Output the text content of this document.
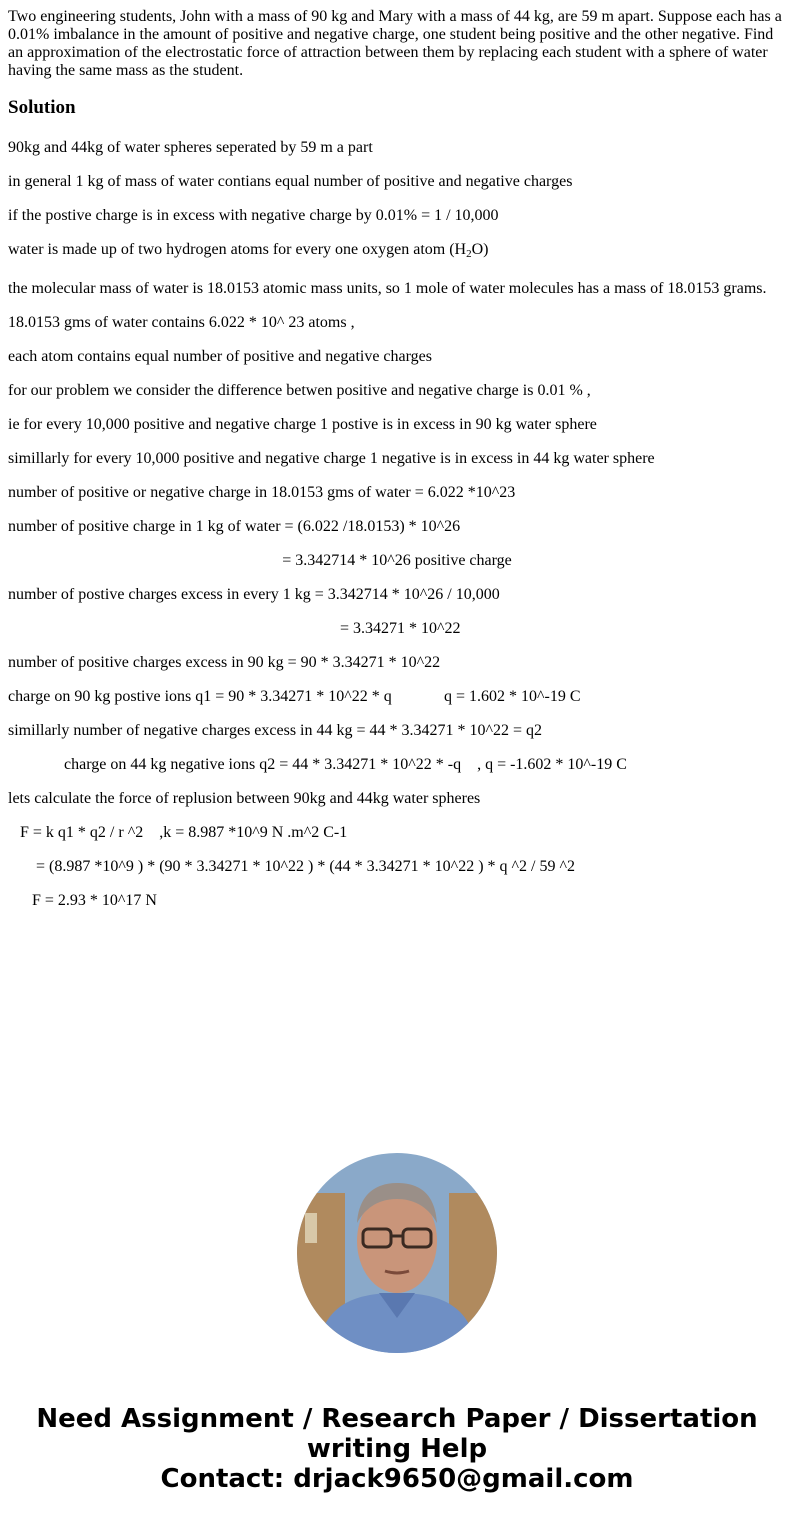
Two engineering students, John with a mass of 90 kg and Mary with a mass of 44 kg, are 59 m apart. Suppose each has a 0.01% imbalance in the amount of positive and negative charge, one student being positive and the other negative. Find an approximation of the electrostatic force of attraction between them by replacing each student with a sphere of water having the same mass as the student.

Solution

90kg and 44kg of water spheres seperated by 59 m a part

in general 1 kg of mass of water contians equal number of positive and negative charges

if the postive charge is in excess with negative charge by 0.01% = 1 / 10,000

water is made up of two hydrogen atoms for every one oxygen atom $(H_2O)$

the molecular mass of water is 18.0153 atomic mass units, so 1 mole of water molecules has a mass of 18.0153 grams.

18.0153 gms of water contains 6.022 * 10^ 23 atoms ,

each atom contains equal number of positive and negative charges

for our problem we consider the difference betwen positive and negative charge is 0.01 % ,

ie for every 10,000 positive and negative charge 1 postive is in excess in 90 kg water sphere

simillarly for every 10,000 positive and negative charge 1 negative is in excess in 44 kg water sphere

number of positive or negative charge in 18.0153 gms of water = 6.022 *10^23

number of positive charge in 1 kg of water = (6.022 /18.0153) * 10^26

= 3.342714 * 10^26 positive charge

number of postive charges excess in every 1 kg = 3.342714 * 10^26 / 10,000

= 3.34271 * 10^22

number of positive charges excess in 90 kg = 90 * 3.34271 * 10^22

charge on 90 kg postive ions q1 = 90 * 3.34271 * 10^22 * q	q = 1.602 * 10^-19 C

simillarly number of negative charges excess in 44 kg = 44 * 3.34271 * 10^22 = q2

charge on 44 kg negative ions q2 = 44 * 3.34271 * 10^22 * -q    , q = -1.602 * 10^-19 C

lets calculate the force of replusion between 90kg and 44kg water spheres

F = k q1 * q2 / r ^2    ,k = 8.987 *10^9 N .m^2 C-1

= (8.987 *10^9 ) * (90 * 3.34271 * 10^22 ) * (44 * 3.34271 * 10^22 ) * q ^2 / 59 ^2

F = 2.93 * 10^17 N

Need Assignment / Research Paper / Dissertation
writing Help
Contact: drjack9650@gmail.com
